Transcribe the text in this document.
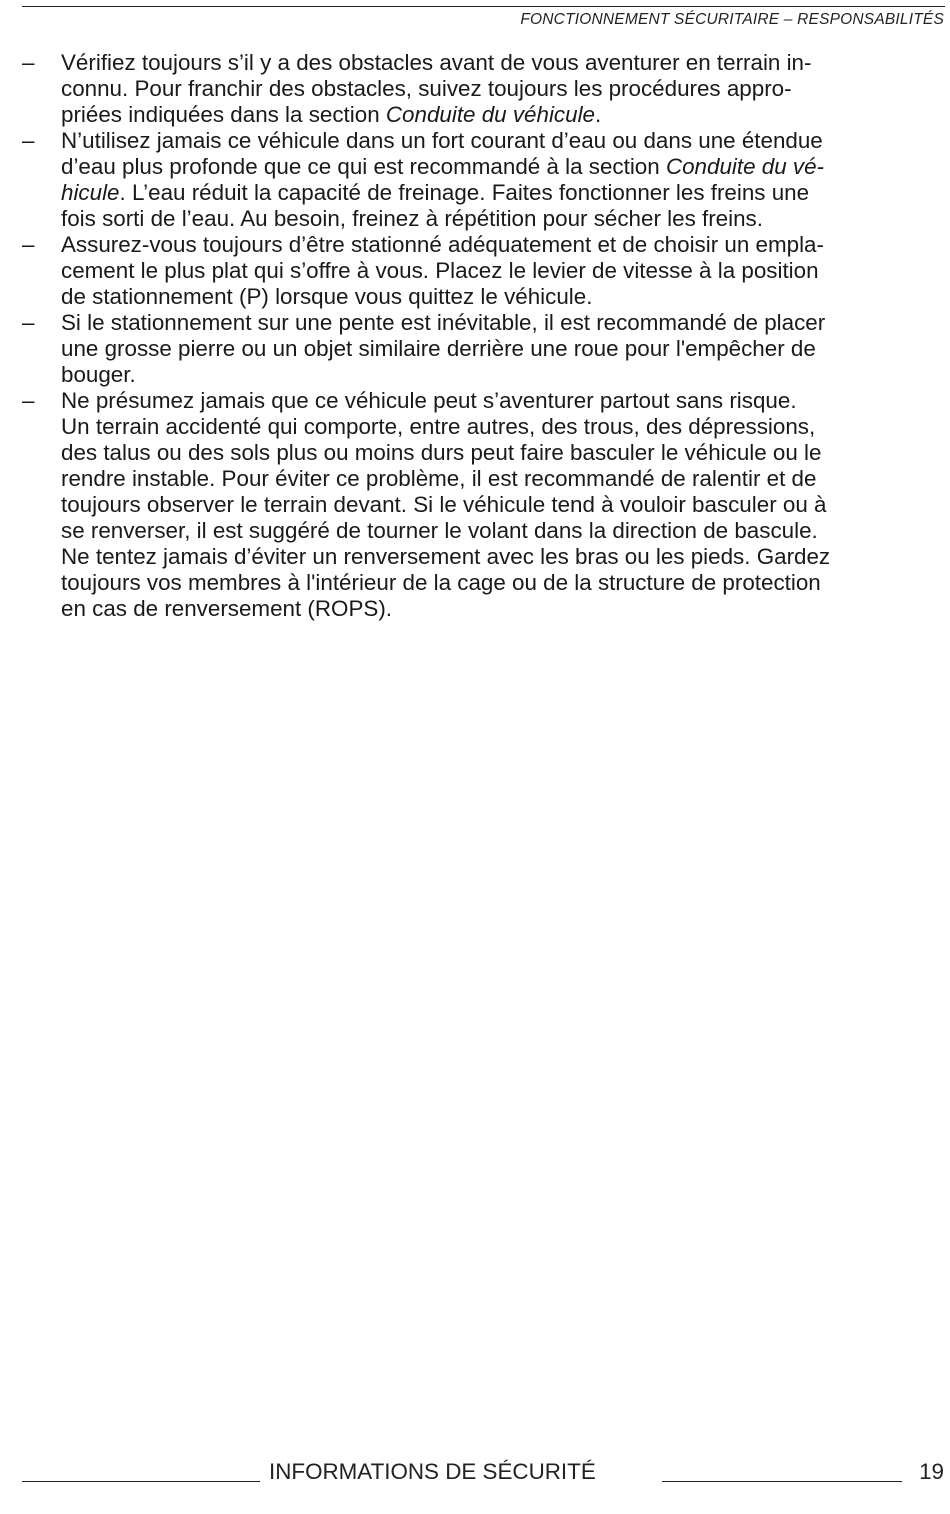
FONCTIONNEMENT SÉCURITAIRE – RESPONSABILITÉS
– Vérifiez toujours s’il y a des obstacles avant de vous aventurer en terrain in-
connu. Pour franchir des obstacles, suivez toujours les procédures appro-
priées indiquées dans la section Conduite du véhicule.
– N’utilisez jamais ce véhicule dans un fort courant d’eau ou dans une étendue
d’eau plus profonde que ce qui est recommandé à la section Conduite du vé-
hicule. L’eau réduit la capacité de freinage. Faites fonctionner les freins une
fois sorti de l’eau. Au besoin, freinez à répétition pour sécher les freins.
– Assurez-vous toujours d’être stationné adéquatement et de choisir un empla-
cement le plus plat qui s’offre à vous. Placez le levier de vitesse à la position
de stationnement (P) lorsque vous quittez le véhicule.
– Si le stationnement sur une pente est inévitable, il est recommandé de placer
une grosse pierre ou un objet similaire derrière une roue pour l'empêcher de
bouger.
– Ne présumez jamais que ce véhicule peut s’aventurer partout sans risque.
Un terrain accidenté qui comporte, entre autres, des trous, des dépressions,
des talus ou des sols plus ou moins durs peut faire basculer le véhicule ou le
rendre instable. Pour éviter ce problème, il est recommandé de ralentir et de
toujours observer le terrain devant. Si le véhicule tend à vouloir basculer ou à
se renverser, il est suggéré de tourner le volant dans la direction de bascule.
Ne tentez jamais d’éviter un renversement avec les bras ou les pieds. Gardez
toujours vos membres à l'intérieur de la cage ou de la structure de protection
en cas de renversement (ROPS).
INFORMATIONS DE SÉCURITÉ	19
